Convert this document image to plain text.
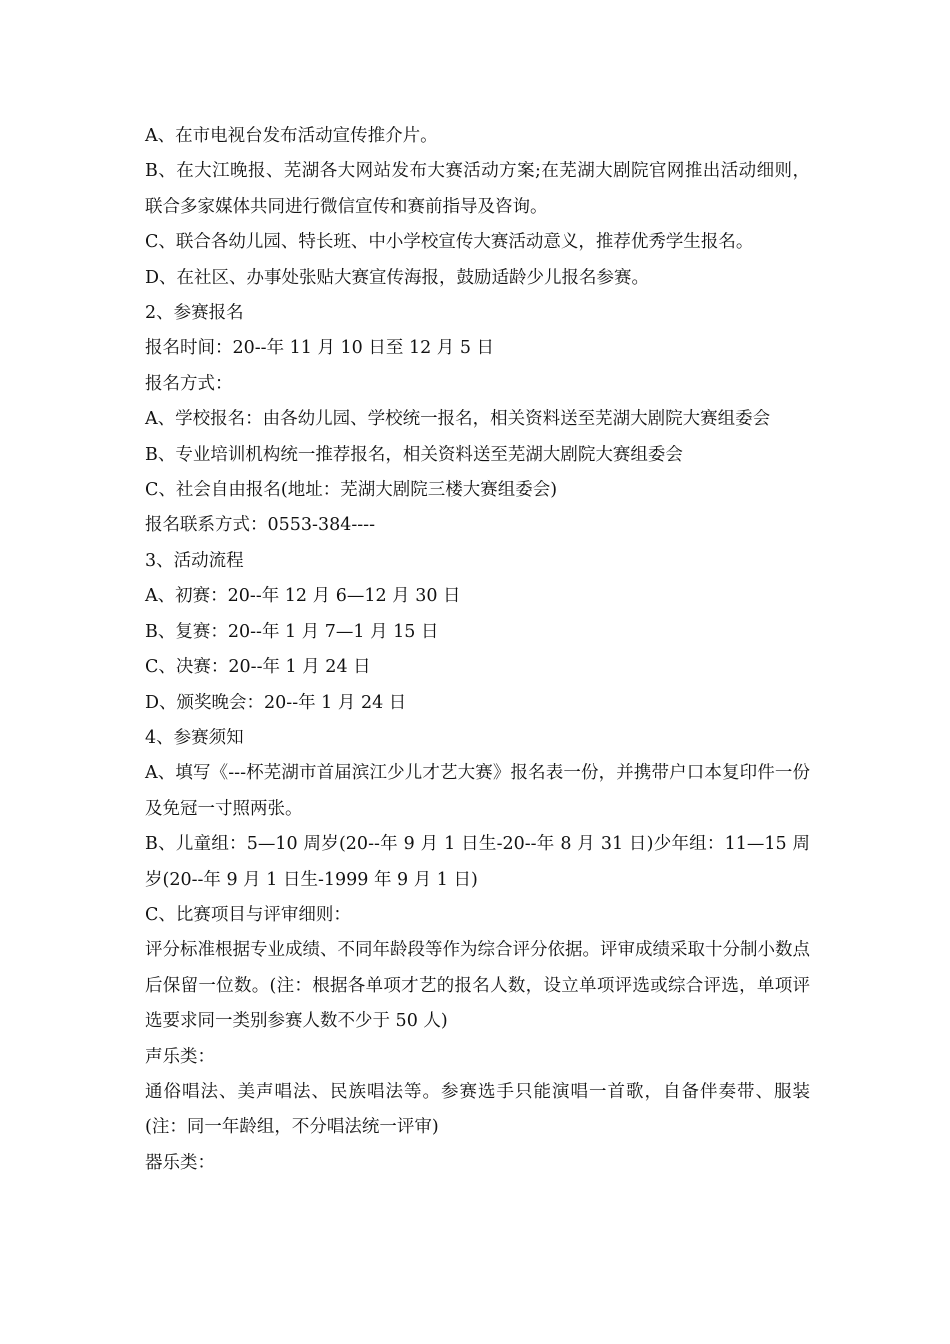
A、在市电视台发布活动宣传推介片。

B、在大江晚报、芜湖各大网站发布大赛活动方案;在芜湖大剧院官网推出活动细则，联合多家媒体共同进行微信宣传和赛前指导及咨询。

C、联合各幼儿园、特长班、中小学校宣传大赛活动意义，推荐优秀学生报名。

D、在社区、办事处张贴大赛宣传海报，鼓励适龄少儿报名参赛。

2、参赛报名

报名时间：20--年 11 月 10 日至 12 月 5 日

报名方式：

A、学校报名：由各幼儿园、学校统一报名，相关资料送至芜湖大剧院大赛组委会

B、专业培训机构统一推荐报名，相关资料送至芜湖大剧院大赛组委会

C、社会自由报名(地址：芜湖大剧院三楼大赛组委会)

报名联系方式：0553-384----

3、活动流程

A、初赛：20--年 12 月 6—12 月 30 日

B、复赛：20--年 1 月 7—1 月 15 日

C、决赛：20--年 1 月 24 日

D、颁奖晚会：20--年 1 月 24 日

4、参赛须知

A、填写《---杯芜湖市首届滨江少儿才艺大赛》报名表一份，并携带户口本复印件一份及免冠一寸照两张。

B、儿童组：5—10 周岁(20--年 9 月 1 日生-20--年 8 月 31 日)少年组：11—15 周岁(20--年 9 月 1 日生-1999 年 9 月 1 日)

C、比赛项目与评审细则：

评分标准根据专业成绩、不同年龄段等作为综合评分依据。评审成绩采取十分制小数点后保留一位数。(注：根据各单项才艺的报名人数，设立单项评选或综合评选，单项评选要求同一类别参赛人数不少于 50 人)

声乐类：

通俗唱法、美声唱法、民族唱法等。参赛选手只能演唱一首歌，自备伴奏带、服装(注：同一年龄组，不分唱法统一评审)

器乐类：
